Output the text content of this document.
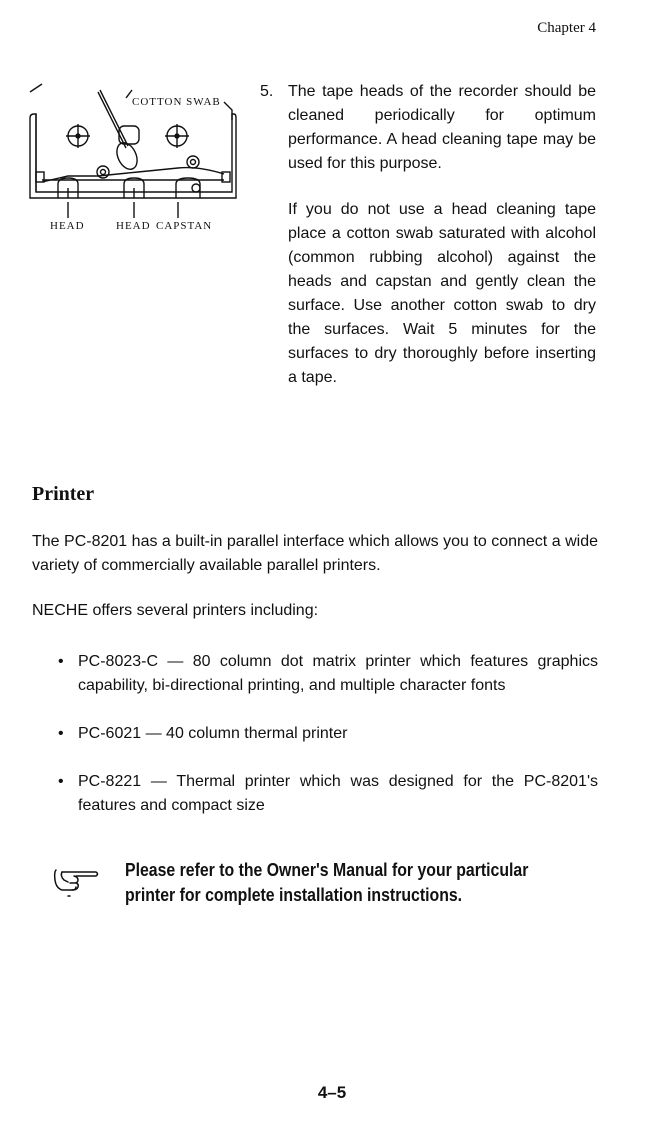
Chapter 4
COTTON SWAB
HEAD	HEAD CAPSTAN
5. The tape heads of the recorder should be cleaned periodically for optimum performance. A head cleaning tape may be used for this purpose.

If you do not use a head cleaning tape place a cotton swab saturated with alcohol (common rubbing alcohol) against the heads and capstan and gently clean the surface. Use another cotton swab to dry the surfaces. Wait 5 minutes for the surfaces to dry thoroughly before inserting a tape.

Printer

The PC-8201 has a built-in parallel interface which allows you to connect a wide variety of commercially available parallel printers.

NECHE offers several printers including:

• PC-8023-C — 80 column dot matrix printer which features graphics capability, bi-directional printing, and multiple character fonts
• PC-6021 — 40 column thermal printer
• PC-8221 — Thermal printer which was designed for the PC-8201's features and compact size
Please refer to the Owner's Manual for your particular
printer for complete installation instructions.
4–5
